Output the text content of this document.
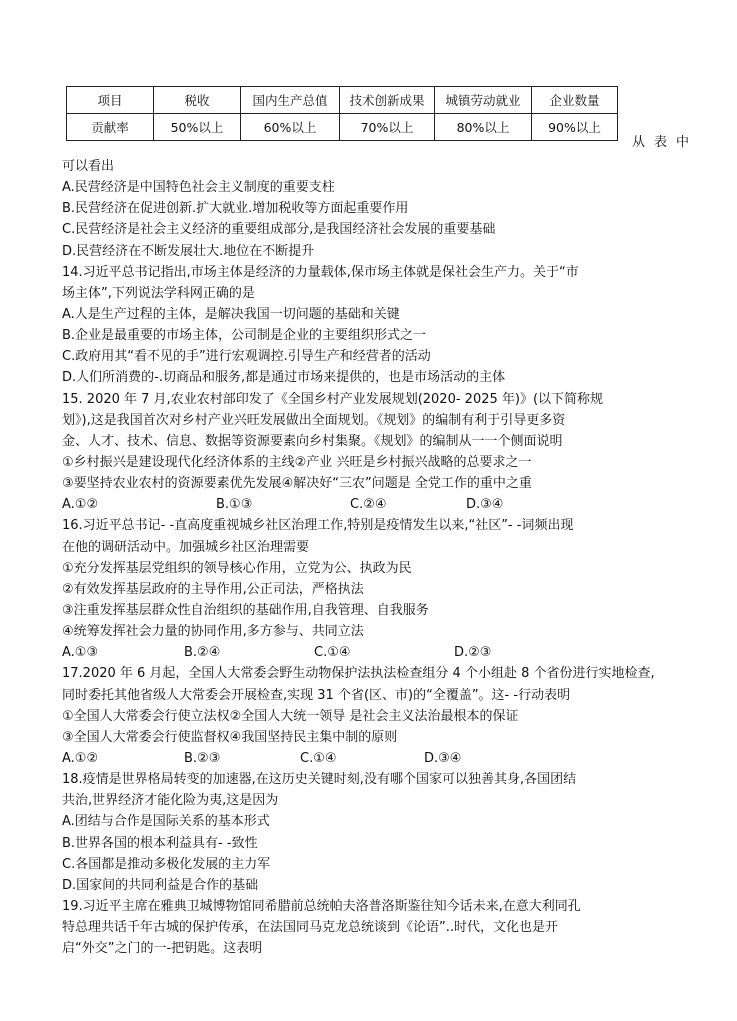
项目	税收	国内生产总值	技术创新成果	城镇劳动就业	企业数量
贡献率	50%以上	60%以上	70%以上	80%以上	90%以上
从表中
可以看出
A.民营经济是中国特色社会主义制度的重要支柱
B.民营经济在促进创新.扩大就业.增加税收等方面起重要作用
C.民营经济是社会主义经济的重要组成部分,是我国经济社会发展的重要基础
D.民营经济在不断发展壮大.地位在不断提升
14.习近平总书记指出,市场主体是经济的力量载体,保市场主体就是保社会生产力。关于“市
场主体”,下列说法学科网正确的是
A.人是生产过程的主体，是解决我国一切问题的基础和关键
B.企业是最重要的市场主体，公司制是企业的主要组织形式之一
C.政府用其“看不见的手”进行宏观调控.引导生产和经营者的活动
D.人们所消费的-.切商品和服务,都是通过市场来提供的，也是市场活动的主体
15. 2020 年 7 月,农业农村部印发了《全国乡村产业发展规划(2020- 2025 年)》(以下简称规
划》),这是我国首次对乡村产业兴旺发展做出全面规划。《规划》的编制有利于引导更多资
金、人才、技术、信息、数据等资源要素向乡村集聚。《规划》的编制从一一个侧面说明
①乡村振兴是建设现代化经济体系的主线②产业 兴旺是乡村振兴战略的总要求之一
③要坚持农业农村的资源要素优先发展④解决好“三农”问题是 全党工作的重中之重
A.①②	B.①③	C.②④	D.③④
16.习近平总书记- -直高度重视城乡社区治理工作,特别是疫情发生以来,“社区”- -词频出现
在他的调研活动中。加强城乡社区治理需要
①充分发挥基层党组织的领导核心作用，立党为公、执政为民
②有效发挥基层政府的主导作用,公正司法，严格执法
③注重发挥基层群众性自治组织的基础作用,自我管理、自我服务
④统筹发挥社会力量的协同作用,多方参与、共同立法
A.①③	B.②④	C.①④	D.②③
17.2020 年 6 月起，全国人大常委会野生动物保护法执法检查组分 4 个小组赴 8 个省份进行实地检查,
同时委托其他省级人大常委会开展检查,实现 31 个省(区、市)的“全覆盖”。这- -行动表明
①全国人大常委会行使立法权②全国人大统一领导 是社会主义法治最根本的保证
③全国人大常委会行使监督权④我国坚持民主集中制的原则
A.①②	B.②③	C.①④	D.③④
18.疫情是世界格局转变的加速器,在这历史关键时刻,没有哪个国家可以独善其身,各国团结
共治,世界经济才能化险为夷,这是因为
A.团结与合作是国际关系的基本形式
B.世界各国的根本利益具有- -致性
C.各国都是推动多极化发展的主力军
D.国家间的共同利益是合作的基础
19.习近平主席在雅典卫城博物馆同希腊前总统帕夫洛普洛斯鉴往知今话未来,在意大利同孔
特总理共话千年古城的保护传承，在法国同马克龙总统谈到《论语”..时代，文化也是开
启“外交”之门的一-把钥匙。这表明
